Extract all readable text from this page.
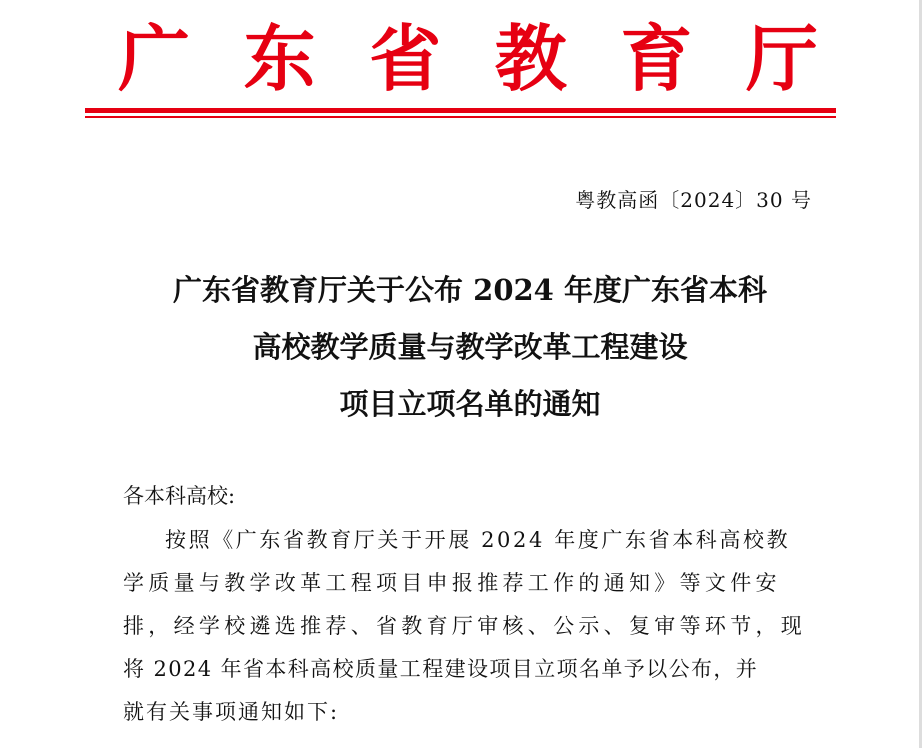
广 东 省 教 育 厅
粤教高函〔2024〕30 号
广东省教育厅关于公布 2024 年度广东省本科
高校教学质量与教学改革工程建设
项目立项名单的通知
各本科高校:
按照《广东省教育厅关于开展 2024 年度广东省本科高校教
学质量与教学改革工程项目申报推荐工作的通知》等文件安
排，经学校遴选推荐、省教育厅审核、公示、复审等环节，现
将 2024 年省本科高校质量工程建设项目立项名单予以公布，并
就有关事项通知如下:
